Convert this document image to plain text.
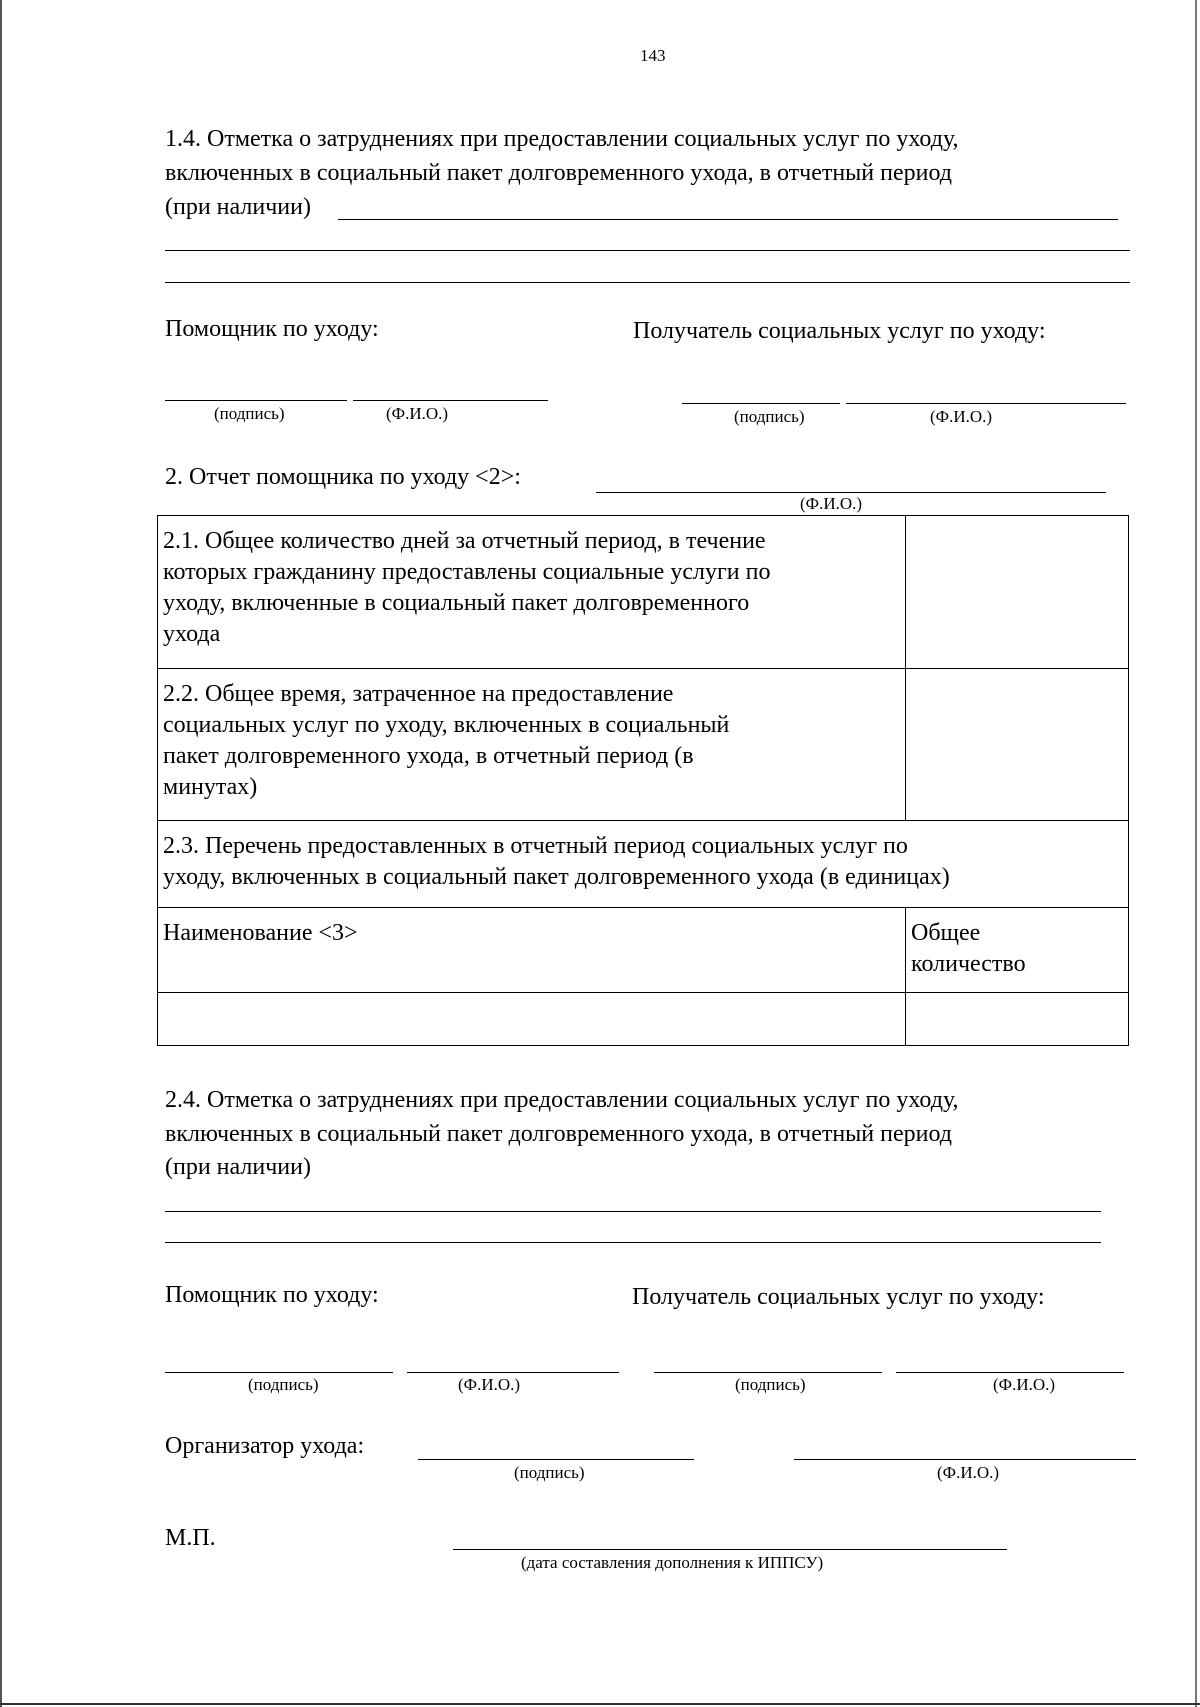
143
1.4. Отметка о затруднениях при предоставлении социальных услуг по уходу,
включенных в социальный пакет долговременного ухода, в отчетный период
(при наличии)
Помощник по уходу:	Получатель социальных услуг по уходу:
(подпись)	(Ф.И.О.)	(подпись)	(Ф.И.О.)
2. Отчет помощника по уходу <2>:
(Ф.И.О.)
2.1. Общее количество дней за отчетный период, в течение
которых гражданину предоставлены социальные услуги по
уходу, включенные в социальный пакет долговременного
ухода	
2.2. Общее время, затраченное на предоставление
социальных услуг по уходу, включенных в социальный
пакет долговременного ухода, в отчетный период (в
минутах)	
2.3. Перечень предоставленных в отчетный период социальных услуг по
уходу, включенных в социальный пакет долговременного ухода (в единицах)	
Наименование <3>	Общее
количество

2.4. Отметка о затруднениях при предоставлении социальных услуг по уходу,
включенных в социальный пакет долговременного ухода, в отчетный период
(при наличии)
Помощник по уходу:	Получатель социальных услуг по уходу:
(подпись)	(Ф.И.О.)	(подпись)	(Ф.И.О.)
Организатор ухода:
(подпись)	(Ф.И.О.)
М.П.
(дата составления дополнения к ИППСУ)
